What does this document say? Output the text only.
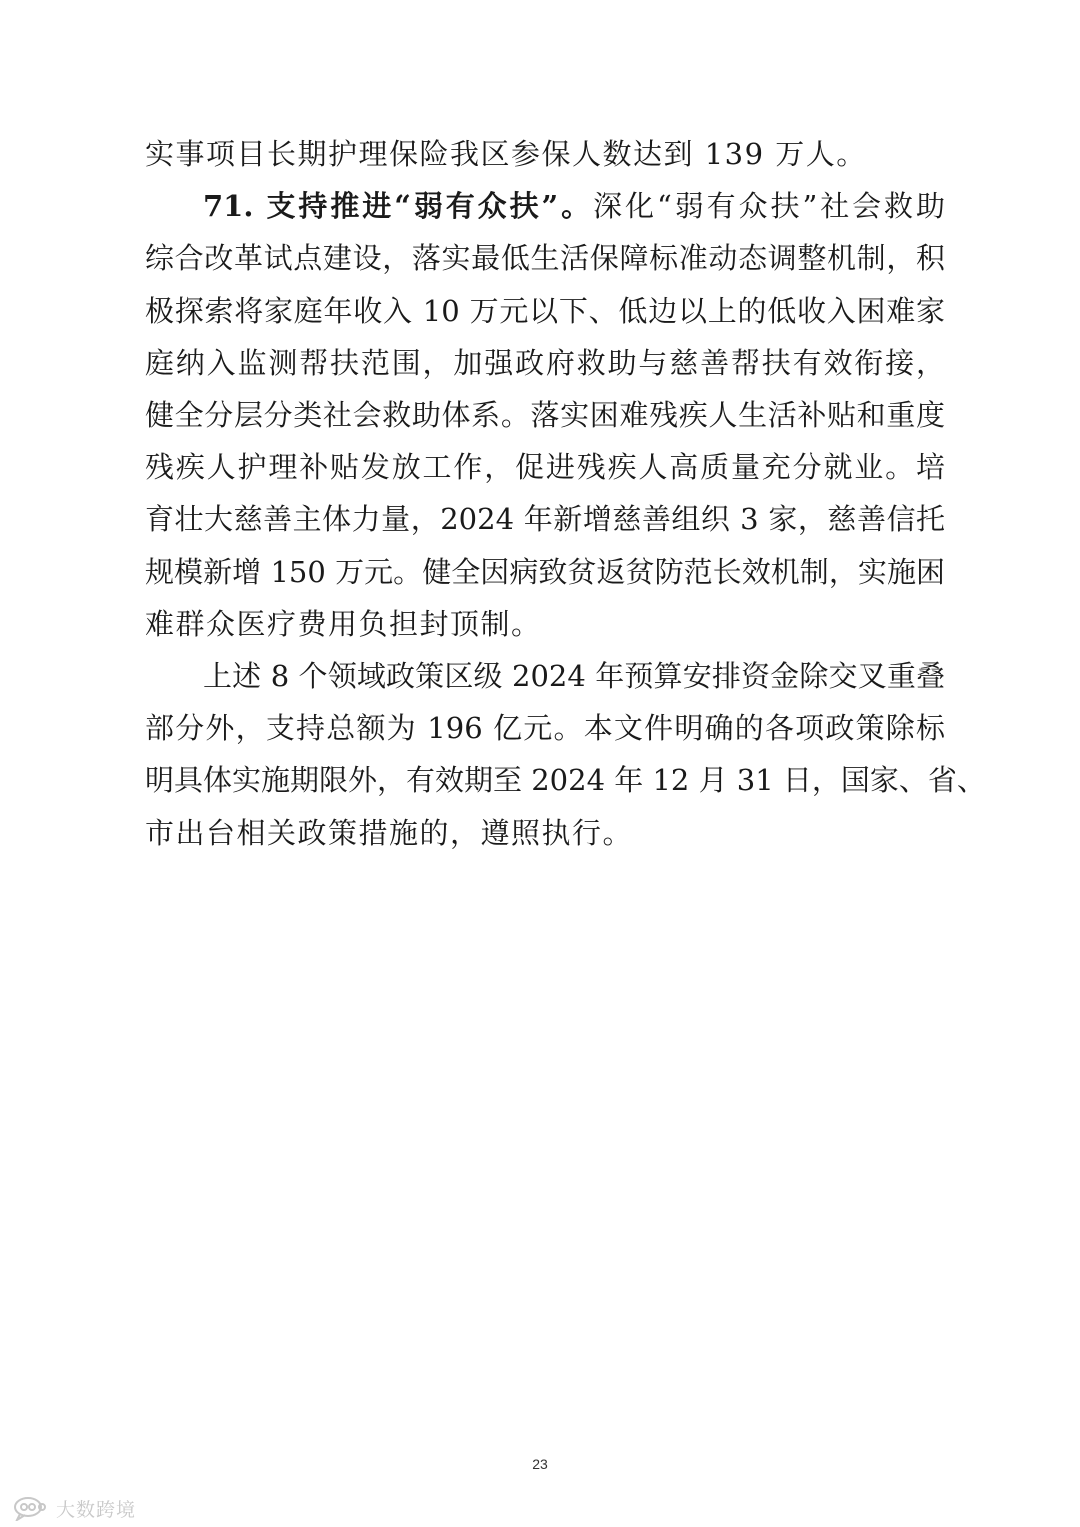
实事项目长期护理保险我区参保人数达到 139 万人。
71. 支持推进“弱有众扶”。深化“弱有众扶”社会救助
综合改革试点建设，落实最低生活保障标准动态调整机制，积
极探索将家庭年收入 10 万元以下、低边以上的低收入困难家
庭纳入监测帮扶范围，加强政府救助与慈善帮扶有效衔接，
健全分层分类社会救助体系。落实困难残疾人生活补贴和重度
残疾人护理补贴发放工作，促进残疾人高质量充分就业。培
育壮大慈善主体力量，2024 年新增慈善组织 3 家，慈善信托
规模新增 150 万元。健全因病致贫返贫防范长效机制，实施困
难群众医疗费用负担封顶制。
上述 8 个领域政策区级 2024 年预算安排资金除交叉重叠
部分外，支持总额为 196 亿元。本文件明确的各项政策除标
明具体实施期限外，有效期至 2024 年 12 月 31 日，国家、省、
市出台相关政策措施的，遵照执行。
23
大数跨境
